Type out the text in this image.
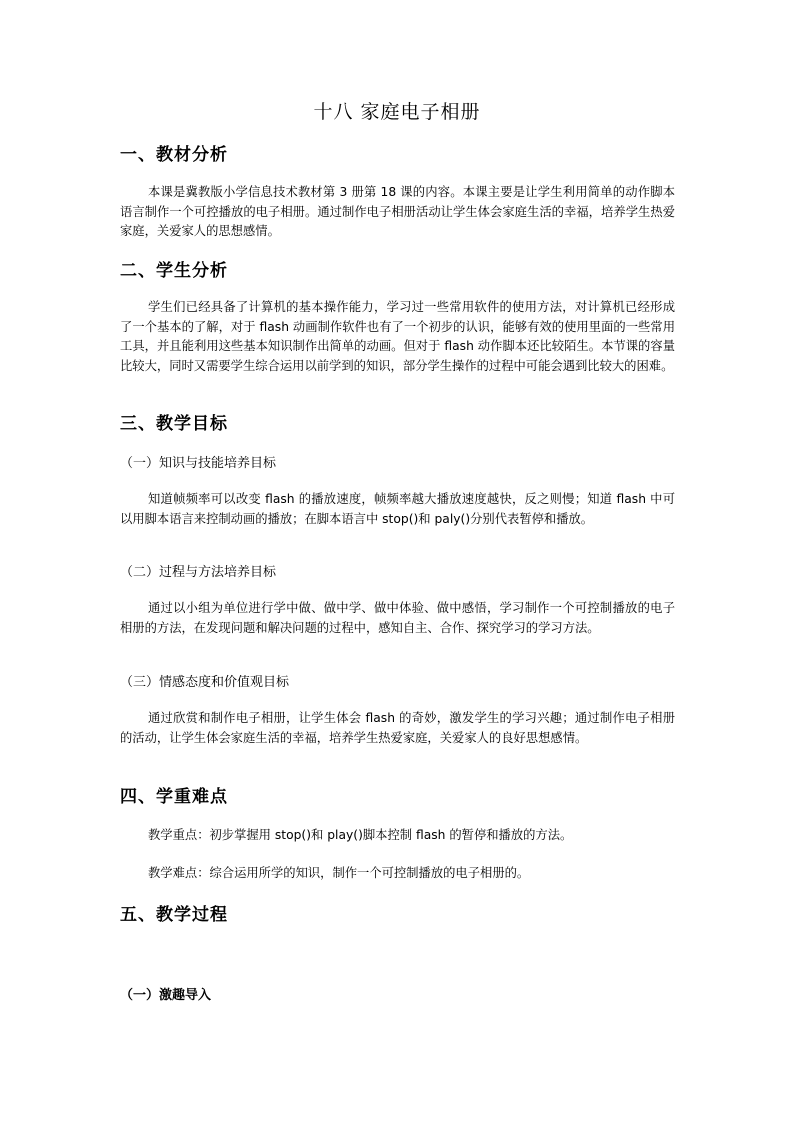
十八 家庭电子相册
一、教材分析
本课是冀教版小学信息技术教材第 3 册第 18 课的内容。本课主要是让学生利用简单的动作脚本语言制作一个可控播放的电子相册。通过制作电子相册活动让学生体会家庭生活的幸福，培养学生热爱家庭，关爱家人的思想感情。
二、学生分析
学生们已经具备了计算机的基本操作能力，学习过一些常用软件的使用方法，对计算机已经形成了一个基本的了解，对于 flash 动画制作软件也有了一个初步的认识，能够有效的使用里面的一些常用工具，并且能利用这些基本知识制作出简单的动画。但对于 flash 动作脚本还比较陌生。本节课的容量比较大，同时又需要学生综合运用以前学到的知识，部分学生操作的过程中可能会遇到比较大的困难。
三、教学目标
（一）知识与技能培养目标
知道帧频率可以改变 flash 的播放速度，帧频率越大播放速度越快，反之则慢；知道 flash 中可以用脚本语言来控制动画的播放；在脚本语言中 stop()和 paly()分别代表暂停和播放。
（二）过程与方法培养目标
通过以小组为单位进行学中做、做中学、做中体验、做中感悟，学习制作一个可控制播放的电子相册的方法，在发现问题和解决问题的过程中，感知自主、合作、探究学习的学习方法。
（三）情感态度和价值观目标
通过欣赏和制作电子相册，让学生体会 flash 的奇妙，激发学生的学习兴趣；通过制作电子相册的活动，让学生体会家庭生活的幸福，培养学生热爱家庭，关爱家人的良好思想感情。
四、学重难点
教学重点：初步掌握用 stop()和 play()脚本控制 flash 的暂停和播放的方法。
教学难点：综合运用所学的知识，制作一个可控制播放的电子相册的。
五、教学过程
（一）激趣导入
